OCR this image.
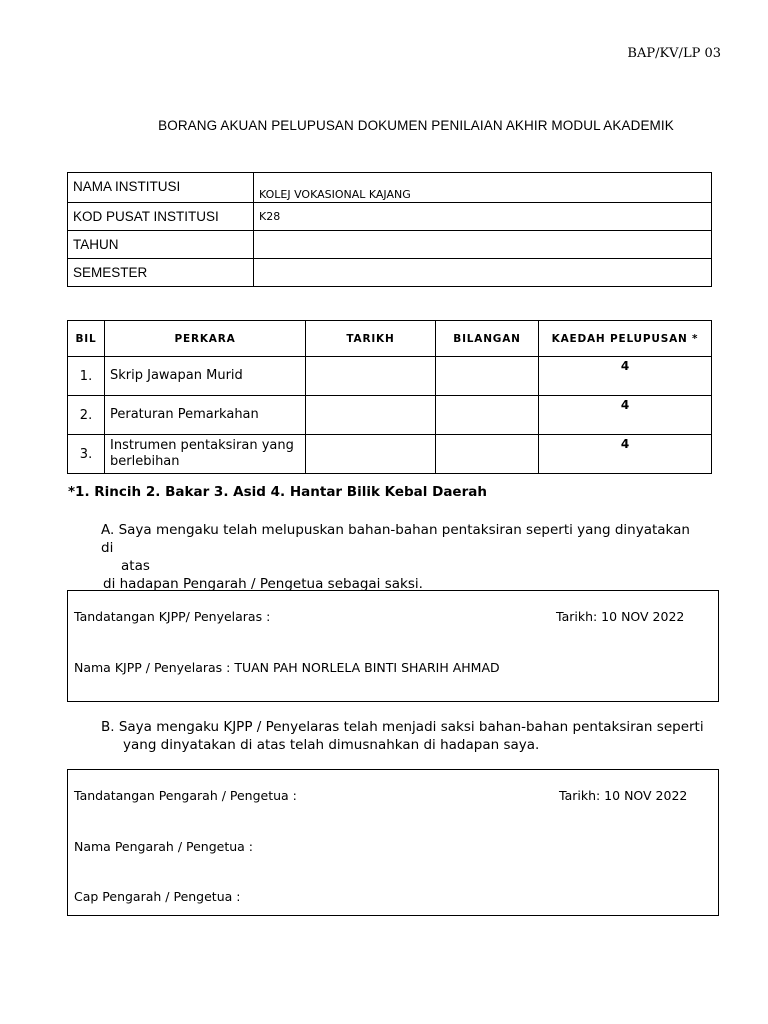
BAP/KV/LP 03
BORANG AKUAN PELUPUSAN DOKUMEN PENILAIAN AKHIR MODUL AKADEMIK
NAMA INSTITUSI	KOLEJ VOKASIONAL KAJANG
KOD PUSAT INSTITUSI	K28
TAHUN	
SEMESTER	
BIL	PERKARA	TARIKH	BILANGAN	KAEDAH PELUPUSAN *
1.	Skrip Jawapan Murid			4
2.	Peraturan Pemarkahan			4
3.	Instrumen pentaksiran yang berlebihan			4
*1. Rincih 2. Bakar 3. Asid 4. Hantar Bilik Kebal Daerah
A. Saya mengaku telah melupuskan bahan-bahan pentaksiran seperti yang dinyatakan di
atas
di hadapan Pengarah / Pengetua sebagai saksi.
Tandatangan KJPP/ Penyelaras :	Tarikh: 10 NOV 2022
Nama KJPP / Penyelaras : TUAN PAH NORLELA BINTI SHARIH AHMAD
B. Saya mengaku KJPP / Penyelaras telah menjadi saksi bahan-bahan pentaksiran seperti
yang dinyatakan di atas telah dimusnahkan di hadapan saya.
Tandatangan Pengarah / Pengetua :	Tarikh: 10 NOV 2022
Nama Pengarah / Pengetua :
Cap Pengarah / Pengetua :
